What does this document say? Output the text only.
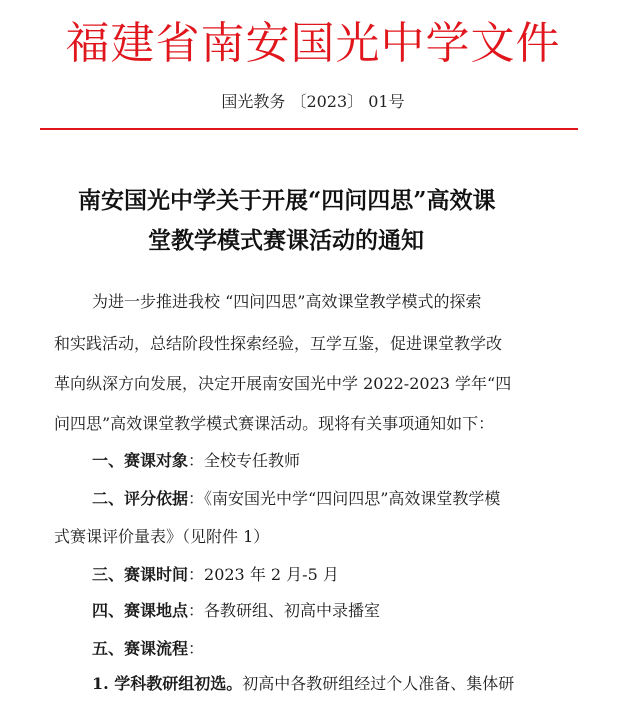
福建省南安国光中学文件
国光教务 〔2023〕 01号
南安国光中学关于开展“四问四思”高效课
堂教学模式赛课活动的通知
为进一步推进我校 “四问四思”高效课堂教学模式的探索
和实践活动，总结阶段性探索经验，互学互鉴，促进课堂教学改
革向纵深方向发展，决定开展南安国光中学 2022-2023 学年“四
问四思”高效课堂教学模式赛课活动。现将有关事项通知如下：
一、赛课对象：全校专任教师
二、评分依据：《南安国光中学“四问四思”高效课堂教学模
式赛课评价量表》（见附件 1）
三、赛课时间：2023 年 2 月-5 月
四、赛课地点：各教研组、初高中录播室
五、赛课流程：
1. 学科教研组初选。初高中各教研组经过个人准备、集体研
